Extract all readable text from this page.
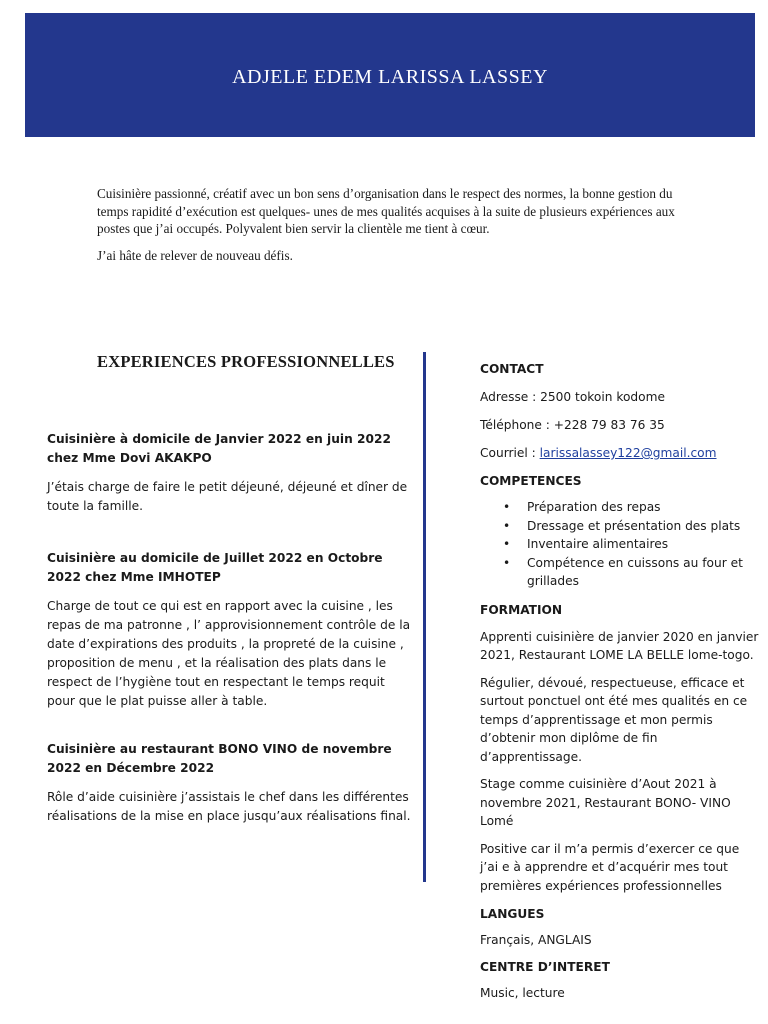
ADJELE EDEM LARISSA LASSEY

Cuisinière passionné, créatif avec un bon sens d’organisation dans le respect des normes, la bonne gestion du temps rapidité d’exécution est quelques- unes de mes qualités acquises à la suite de plusieurs expériences aux postes que j’ai occupés. Polyvalent bien servir la clientèle me tient à cœur.

J’ai hâte de relever de nouveau défis.

EXPERIENCES PROFESSIONNELLES

Cuisinière à domicile de Janvier 2022 en juin 2022 chez Mme Dovi AKAKPO

J’étais charge de faire le petit déjeuné, déjeuné et dîner de toute la famille.

Cuisinière au domicile de Juillet 2022 en Octobre 2022 chez Mme IMHOTEP

Charge de tout ce qui est en rapport avec la cuisine , les repas de ma patronne , l’ approvisionnement contrôle de la date d’expirations des produits , la propreté de la cuisine , proposition de menu , et la réalisation des plats dans le respect de l’hygiène tout en respectant le temps requit pour que le plat puisse aller à table.

Cuisinière au restaurant BONO VINO de novembre 2022 en Décembre 2022

Rôle d’aide cuisinière j’assistais le chef dans les différentes réalisations de la mise en place jusqu’aux réalisations final.

CONTACT

Adresse : 2500 tokoin kodome

Téléphone : +228 79 83 76 35

Courriel : larissalassey122@gmail.com

COMPETENCES

• Préparation des repas
• Dressage et présentation des plats
• Inventaire alimentaires
• Compétence en cuissons au four et grillades

FORMATION

Apprenti cuisinière de janvier 2020 en janvier 2021, Restaurant LOME LA BELLE lome-togo.

Régulier, dévoué, respectueuse, efficace et surtout ponctuel ont été mes qualités en ce temps d’apprentissage et mon permis d’obtenir mon diplôme de fin d’apprentissage.

Stage comme cuisinière d’Aout 2021 à novembre 2021, Restaurant BONO- VINO Lomé

Positive car il m’a permis d’exercer ce que j’ai e à apprendre et d’acquérir mes tout premières expériences professionnelles

LANGUES

Français, ANGLAIS

CENTRE D’INTERET

Music, lecture
